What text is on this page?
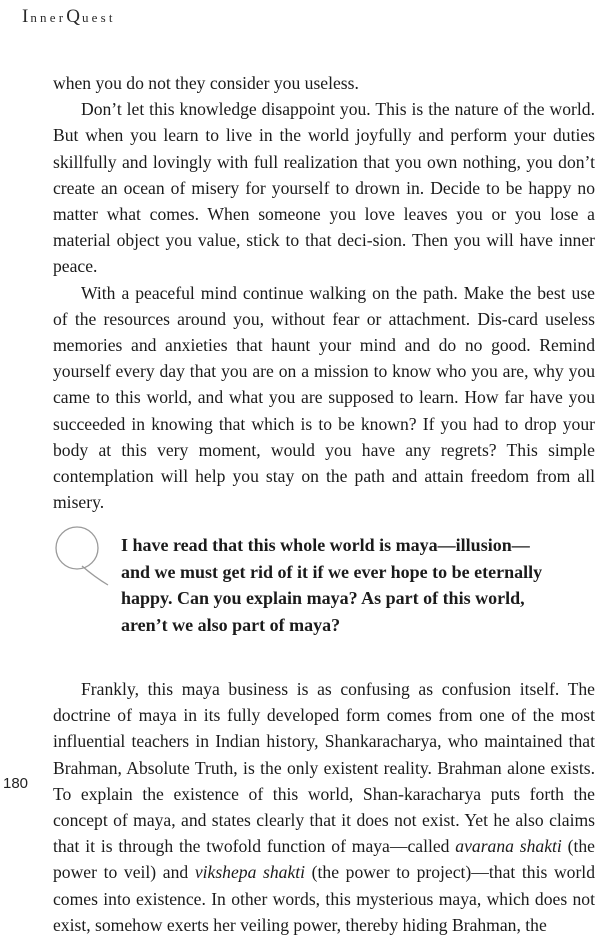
InnerQuest

when you do not they consider you useless.

Don’t let this knowledge disappoint you. This is the nature of the world. But when you learn to live in the world joyfully and perform your duties skillfully and lovingly with full realization that you own nothing, you don’t create an ocean of misery for yourself to drown in. Decide to be happy no matter what comes. When someone you love leaves you or you lose a material object you value, stick to that deci-sion. Then you will have inner peace.

With a peaceful mind continue walking on the path. Make the best use of the resources around you, without fear or attachment. Dis-card useless memories and anxieties that haunt your mind and do no good. Remind yourself every day that you are on a mission to know who you are, why you came to this world, and what you are supposed to learn. How far have you succeeded in knowing that which is to be known? If you had to drop your body at this very moment, would you have any regrets? This simple contemplation will help you stay on the path and attain freedom from all misery.

I have read that this whole world is maya—illusion—
and we must get rid of it if we ever hope to be eternally
happy. Can you explain maya? As part of this world,
aren’t we also part of maya?
180

Frankly, this maya business is as confusing as confusion itself. The doctrine of maya in its fully developed form comes from one of the most influential teachers in Indian history, Shankaracharya, who maintained that Brahman, Absolute Truth, is the only existent reality. Brahman alone exists. To explain the existence of this world, Shan-karacharya puts forth the concept of maya, and states clearly that it does not exist. Yet he also claims that it is through the twofold function of maya—called avarana shakti (the power to veil) and vikshepa shakti (the power to project)—that this world comes into existence. In other words, this mysterious maya, which does not exist, somehow exerts her veiling power, thereby hiding Brahman, the
